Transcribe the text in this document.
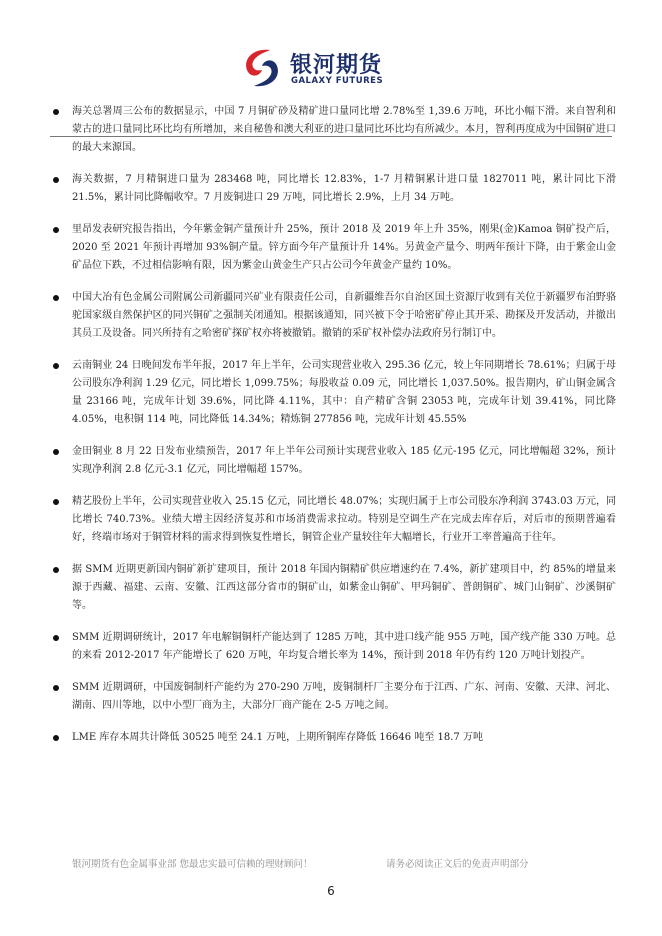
银河期货
GALAXY FUTURES
海关总署周三公布的数据显示，中国 7 月铜矿砂及精矿进口量同比增 2.78%至 1,39.6 万吨，环比小幅下滑。来自智利和蒙古的进口量同比环比均有所增加，来自秘鲁和澳大利亚的进口量同比环比均有所减少。本月，智利再度成为中国铜矿进口的最大来源国。
海关数据，7 月精铜进口量为 283468 吨，同比增长 12.83%，1-7 月精铜累计进口量 1827011 吨，累计同比下滑 21.5%，累计同比降幅收窄。7 月废铜进口 29 万吨，同比增长 2.9%，上月 34 万吨。
里昂发表研究报告指出，今年紫金铜产量预计升 25%，预计 2018 及 2019 年上升 35%，刚果(金)Kamoa 铜矿投产后，2020 至 2021 年预计再增加 93%铜产量。锌方面今年产量预计升 14%。另黄金产量今、明两年预计下降，由于紫金山金矿品位下跌，不过相信影响有限，因为紫金山黄金生产只占公司今年黄金产量约 10%。
中国大冶有色金属公司附属公司新疆同兴矿业有限责任公司，自新疆维吾尔自治区国土资源厅收到有关位于新疆罗布泊野骆驼国家级自然保护区的同兴铜矿之强制关闭通知。根据该通知，同兴被下令于哈密矿停止其开采、勘探及开发活动，并撤出其员工及设备。同兴所持有之哈密矿探矿权亦将被撤销。撤销的采矿权补偿办法政府另行制订中。
云南铜业 24 日晚间发布半年报，2017 年上半年，公司实现营业收入 295.36 亿元，较上年同期增长 78.61%；归属于母公司股东净利润 1.29 亿元，同比增长 1,099.75%；每股收益 0.09 元，同比增长 1,037.50%。报告期内，矿山铜金属含量 23166 吨，完成年计划 39.6%，同比降 4.11%，其中：自产精矿含铜 23053 吨，完成年计划 39.41%，同比降 4.05%，电积铜 114 吨，同比降低 14.34%；精炼铜 277856 吨，完成年计划 45.55%
金田铜业 8 月 22 日发布业绩预告，2017 年上半年公司预计实现营业收入 185 亿元-195 亿元，同比增幅超 32%，预计实现净利润 2.8 亿元-3.1 亿元，同比增幅超 157%。
精艺股份上半年，公司实现营业收入 25.15 亿元，同比增长 48.07%；实现归属于上市公司股东净利润 3743.03 万元，同比增长 740.73%。业绩大增主因经济复苏和市场消费需求拉动。特别是空调生产在完成去库存后，对后市的预期普遍看好，终端市场对于铜管材料的需求得到恢复性增长，铜管企业产量较往年大幅增长，行业开工率普遍高于往年。
据 SMM 近期更新国内铜矿新扩建项目，预计 2018 年国内铜精矿供应增速约在 7.4%，新扩建项目中，约 85%的增量来源于西藏、福建、云南、安徽、江西这部分省市的铜矿山，如紫金山铜矿、甲玛铜矿、普朗铜矿、城门山铜矿、沙溪铜矿等。
SMM 近期调研统计，2017 年电解铜铜杆产能达到了 1285 万吨，其中进口线产能 955 万吨，国产线产能 330 万吨。总的来看 2012-2017 年产能增长了 620 万吨，年均复合增长率为 14%，预计到 2018 年仍有约 120 万吨计划投产。
SMM 近期调研，中国废铜制杆产能约为 270-290 万吨，废铜制杆厂主要分布于江西、广东、河南、安徽、天津、河北、湖南、四川等地，以中小型厂商为主，大部分厂商产能在 2-5 万吨之间。
LME 库存本周共计降低 30525 吨至 24.1 万吨，上期所铜库存降低 16646 吨至 18.7 万吨
银河期货有色金属事业部 您最忠实最可信赖的理财顾问！	请务必阅读正文后的免责声明部分
6
